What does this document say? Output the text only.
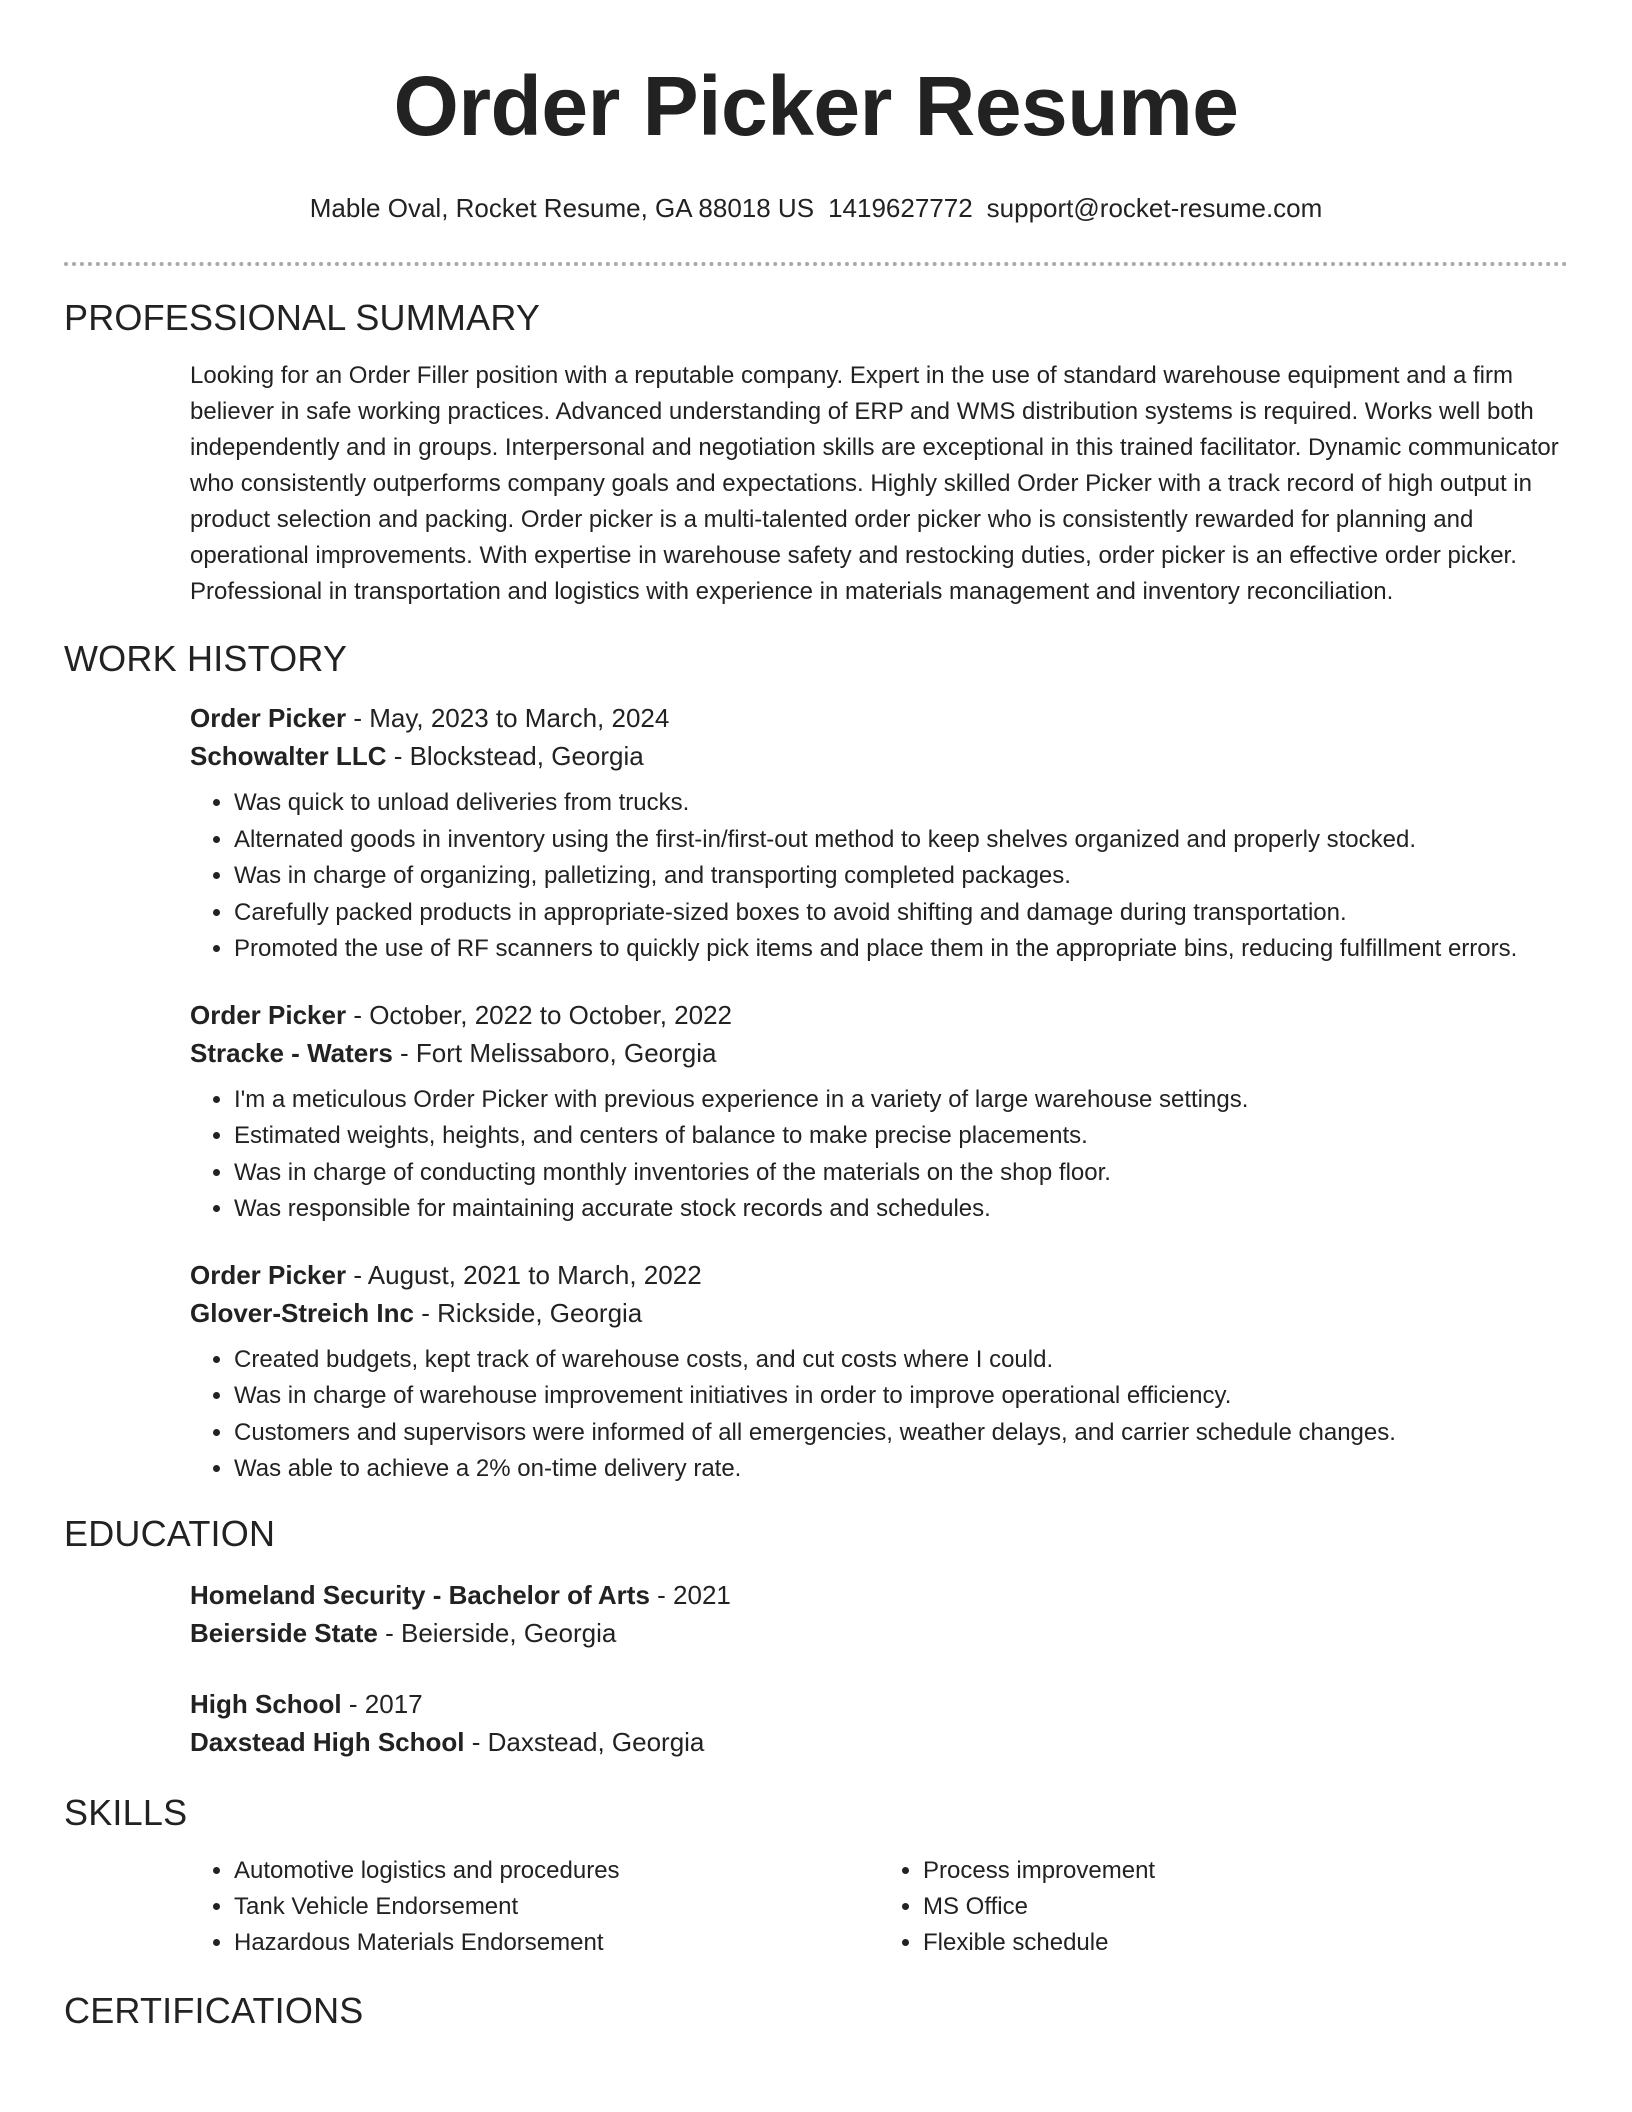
Order Picker Resume
Mable Oval, Rocket Resume, GA 88018 US 1419627772 support@rocket-resume.com
PROFESSIONAL SUMMARY

Looking for an Order Filler position with a reputable company. Expert in the use of standard warehouse equipment and a firm believer in safe working practices. Advanced understanding of ERP and WMS distribution systems is required. Works well both independently and in groups. Interpersonal and negotiation skills are exceptional in this trained facilitator. Dynamic communicator who consistently outperforms company goals and expectations. Highly skilled Order Picker with a track record of high output in product selection and packing. Order picker is a multi-talented order picker who is consistently rewarded for planning and operational improvements. With expertise in warehouse safety and restocking duties, order picker is an effective order picker. Professional in transportation and logistics with experience in materials management and inventory reconciliation.

WORK HISTORY

Order Picker - May, 2023 to March, 2024

Schowalter LLC - Blockstead, Georgia

• Was quick to unload deliveries from trucks.
• Alternated goods in inventory using the first-in/first-out method to keep shelves organized and properly stocked.
• Was in charge of organizing, palletizing, and transporting completed packages.
• Carefully packed products in appropriate-sized boxes to avoid shifting and damage during transportation.
• Promoted the use of RF scanners to quickly pick items and place them in the appropriate bins, reducing fulfillment errors.

Order Picker - October, 2022 to October, 2022

Stracke - Waters - Fort Melissaboro, Georgia

• I'm a meticulous Order Picker with previous experience in a variety of large warehouse settings.
• Estimated weights, heights, and centers of balance to make precise placements.
• Was in charge of conducting monthly inventories of the materials on the shop floor.
• Was responsible for maintaining accurate stock records and schedules.

Order Picker - August, 2021 to March, 2022

Glover-Streich Inc - Rickside, Georgia

• Created budgets, kept track of warehouse costs, and cut costs where I could.
• Was in charge of warehouse improvement initiatives in order to improve operational efficiency.
• Customers and supervisors were informed of all emergencies, weather delays, and carrier schedule changes.
• Was able to achieve a 2% on-time delivery rate.
EDUCATION

Homeland Security - Bachelor of Arts - 2021

Beierside State - Beierside, Georgia

High School - 2017

Daxstead High School - Daxstead, Georgia

SKILLS
• Automotive logistics and procedures
• Tank Vehicle Endorsement
• Hazardous Materials Endorsement
• Process improvement
• MS Office
• Flexible schedule
CERTIFICATIONS
